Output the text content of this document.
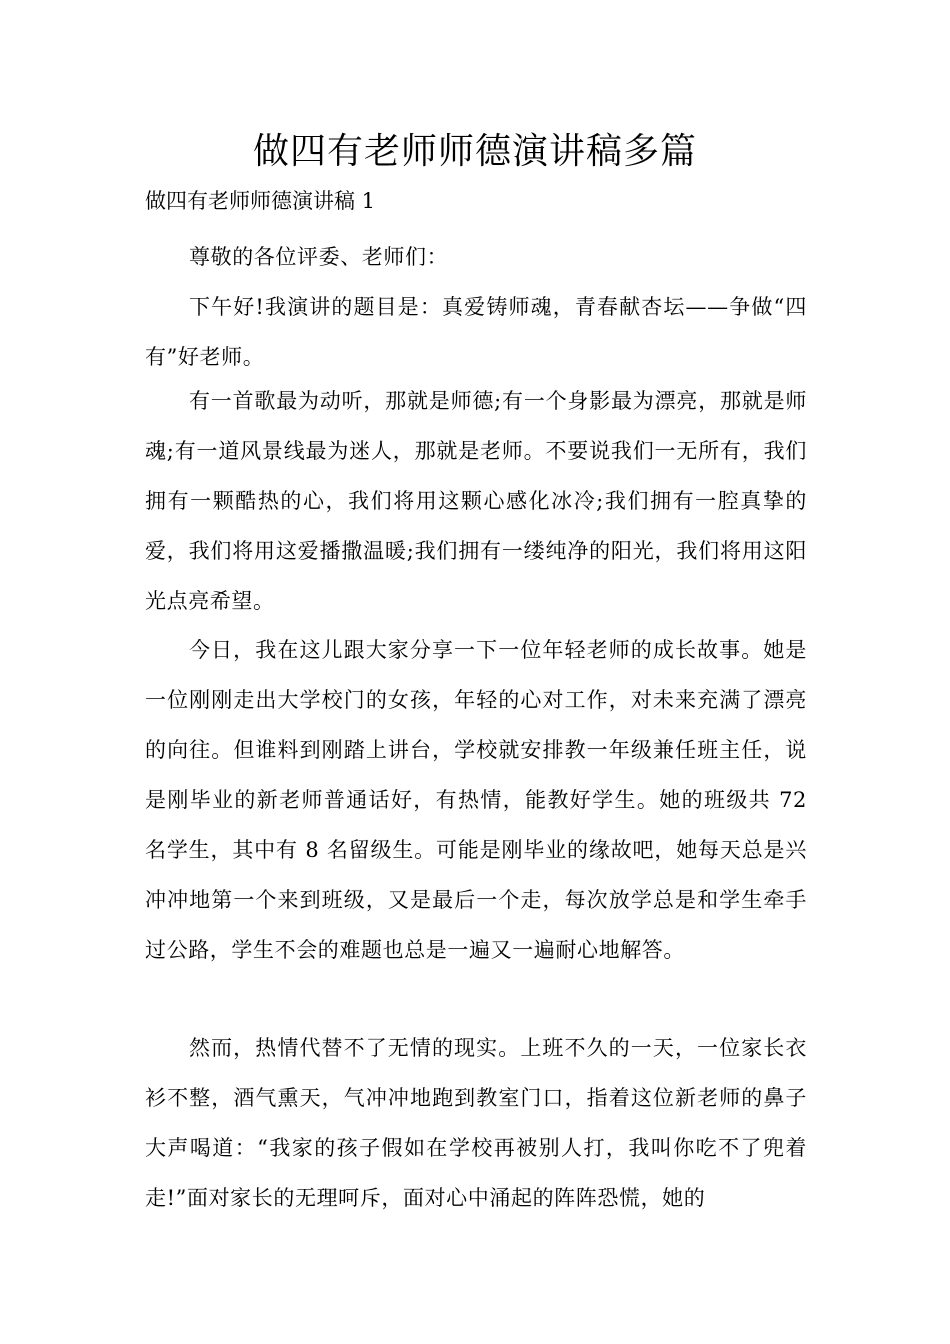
做四有老师师德演讲稿多篇
做四有老师师德演讲稿 1

尊敬的各位评委、老师们：

下午好!我演讲的题目是：真爱铸师魂，青春献杏坛——争做“四有”好老师。

有一首歌最为动听，那就是师德;有一个身影最为漂亮，那就是师魂;有一道风景线最为迷人，那就是老师。不要说我们一无所有，我们拥有一颗酷热的心，我们将用这颗心感化冰冷;我们拥有一腔真挚的爱，我们将用这爱播撒温暖;我们拥有一缕纯净的阳光，我们将用这阳光点亮希望。

今日，我在这儿跟大家分享一下一位年轻老师的成长故事。她是一位刚刚走出大学校门的女孩，年轻的心对工作，对未来充满了漂亮的向往。但谁料到刚踏上讲台，学校就安排教一年级兼任班主任，说是刚毕业的新老师普通话好，有热情，能教好学生。她的班级共 72 名学生，其中有 8 名留级生。可能是刚毕业的缘故吧，她每天总是兴冲冲地第一个来到班级，又是最后一个走，每次放学总是和学生牵手过公路，学生不会的难题也总是一遍又一遍耐心地解答。

然而，热情代替不了无情的现实。上班不久的一天，一位家长衣衫不整，酒气熏天，气冲冲地跑到教室门口，指着这位新老师的鼻子大声喝道：“我家的孩子假如在学校再被别人打，我叫你吃不了兜着走!”面对家长的无理呵斥，面对心中涌起的阵阵恐慌，她的
